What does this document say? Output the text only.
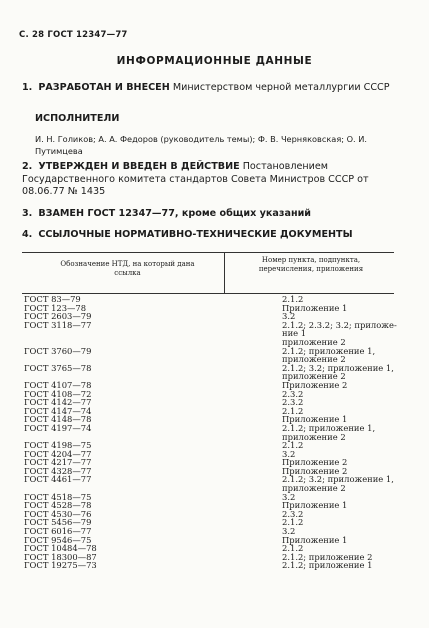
С. 28 ГОСТ 12347—77
ИНФОРМАЦИОННЫЕ ДАННЫЕ
1. РАЗРАБОТАН И ВНЕСЕН Министерством черной металлургии СССР
ИСПОЛНИТЕЛИ
И. Н. Голиков; А. А. Федоров (руководитель темы); Ф. В. Черняковская; О. И. Путимцева
2. УТВЕРЖДЕН И ВВЕДЕН В ДЕЙСТВИЕ Постановлением Государственного комитета стандартов Совета Министров СССР от 08.06.77 № 1435
3. ВЗАМЕН ГОСТ 12347—77, кроме общих указаний
4. ССЫЛОЧНЫЕ НОРМАТИВНО-ТЕХНИЧЕСКИЕ ДОКУМЕНТЫ
Обозначение НТД, на который дана ссылка
Номер пункта, подпункта, перечисления, приложения
ГОСТ 83—79	2.1.2
ГОСТ 123—78	Приложение 1
ГОСТ 2603—79	3.2
ГОСТ 3118—77	2.1.2; 2.3.2; 3.2; приложе-
ние 1
приложение 2
ГОСТ 3760—79	2.1.2; приложение 1,
приложение 2
ГОСТ 3765—78	2.1.2; 3.2; приложение 1,
приложение 2
ГОСТ 4107—78	Приложение 2
ГОСТ 4108—72	2.3.2
ГОСТ 4142—77	2.3.2
ГОСТ 4147—74	2.1.2
ГОСТ 4148—78	Приложение 1
ГОСТ 4197—74	2.1.2; приложение 1,
приложение 2
ГОСТ 4198—75	2.1.2
ГОСТ 4204—77	3.2
ГОСТ 4217—77	Приложение 2
ГОСТ 4328—77	Приложение 2
ГОСТ 4461—77	2.1.2; 3.2; приложение 1,
приложение 2
ГОСТ 4518—75	3.2
ГОСТ 4528—78	Приложение 1
ГОСТ 4530—76	2.3.2
ГОСТ 5456—79	2.1.2
ГОСТ 6016—77	3.2
ГОСТ 9546—75	Приложение 1
ГОСТ 10484—78	2.1.2
ГОСТ 18300—87	2.1.2; приложение 2
ГОСТ 19275—73	2.1.2; приложение 1
